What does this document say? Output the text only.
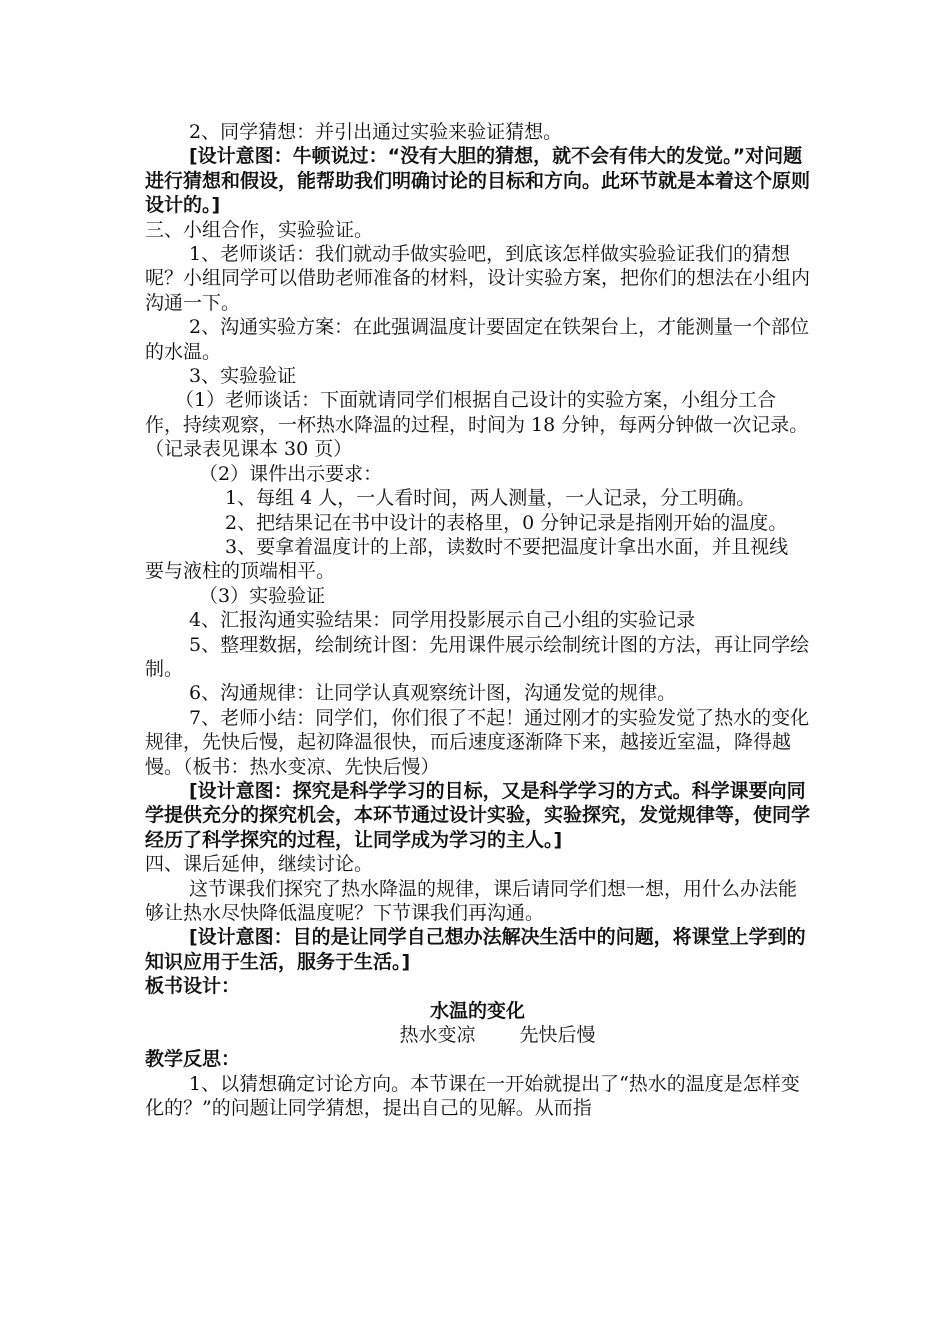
2、同学猜想：并引出通过实验来验证猜想。

[设计意图：牛顿说过：“没有大胆的猜想，就不会有伟大的发觉。”对问题进行猜想和假设，能帮助我们明确讨论的目标和方向。此环节就是本着这个原则设计的。]

三、小组合作，实验验证。

1、老师谈话：我们就动手做实验吧，到底该怎样做实验验证我们的猜想呢？小组同学可以借助老师准备的材料，设计实验方案，把你们的想法在小组内沟通一下。

2、沟通实验方案：在此强调温度计要固定在铁架台上，才能测量一个部位的水温。

3、实验验证

（1）老师谈话：下面就请同学们根据自己设计的实验方案，小组分工合作，持续观察，一杯热水降温的过程，时间为 18 分钟，每两分钟做一次记录。（记录表见课本 30 页）

（2）课件出示要求：

1、每组 4 人，一人看时间，两人测量，一人记录，分工明确。

2、把结果记在书中设计的表格里，0 分钟记录是指刚开始的温度。

3、要拿着温度计的上部，读数时不要把温度计拿出水面，并且视线 要与液柱的顶端相平。

（3）实验验证

4、汇报沟通实验结果：同学用投影展示自己小组的实验记录

5、整理数据，绘制统计图：先用课件展示绘制统计图的方法，再让同学绘制。

6、沟通规律：让同学认真观察统计图，沟通发觉的规律。

7、老师小结：同学们，你们很了不起！通过刚才的实验发觉了热水的变化规律，先快后慢，起初降温很快，而后速度逐渐降下来，越接近室温，降得越慢。（板书：热水变凉、先快后慢）

[设计意图：探究是科学学习的目标，又是科学学习的方式。科学课要向同学提供充分的探究机会，本环节通过设计实验，实验探究，发觉规律等，使同学经历了科学探究的过程，让同学成为学习的主人。]

四、课后延伸，继续讨论。

这节课我们探究了热水降温的规律，课后请同学们想一想，用什么办法能够让热水尽快降低温度呢？下节课我们再沟通。

[设计意图：目的是让同学自己想办法解决生活中的问题，将课堂上学到的知识应用于生活，服务于生活。]

板书设计：

水温的变化

热水变凉 先快后慢

教学反思：

1、以猜想确定讨论方向。本节课在一开始就提出了“热水的温度是怎样变化的？”的问题让同学猜想，提出自己的见解。从而指
